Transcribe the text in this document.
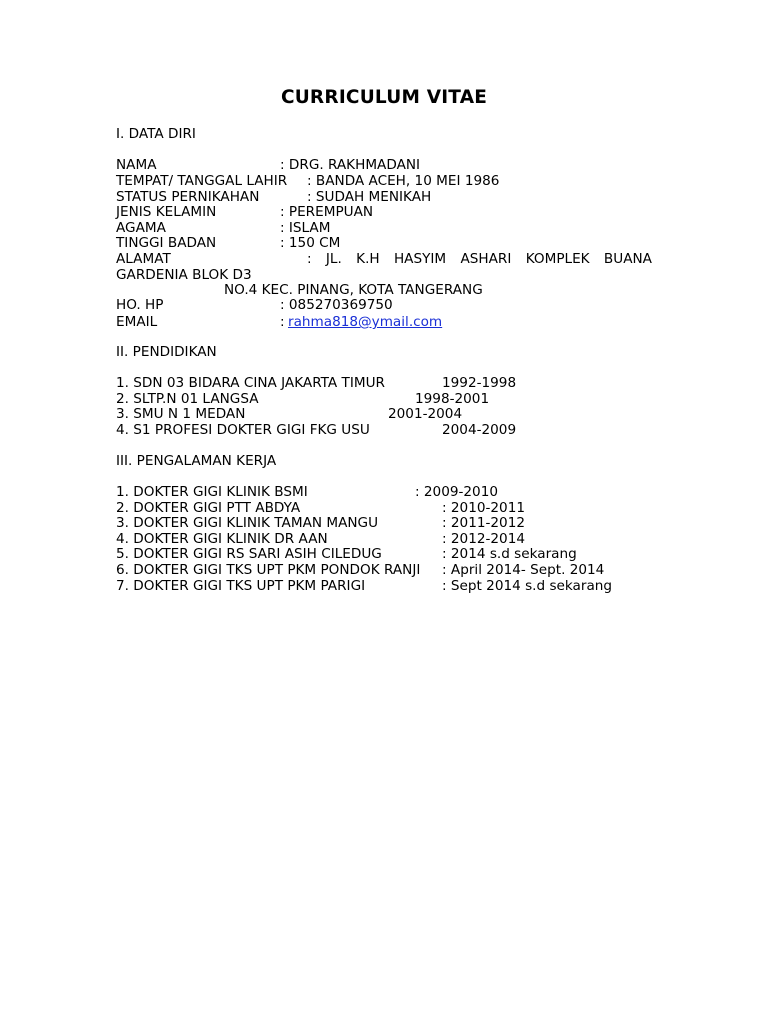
CURRICULUM VITAE
I. DATA DIRI
NAMA	: DRG. RAKHMADANI
TEMPAT/ TANGGAL LAHIR : BANDA ACEH, 10 MEI 1986
STATUS PERNIKAHAN	: SUDAH MENIKAH
JENIS KELAMIN	: PEREMPUAN
AGAMA	: ISLAM
TINGGI BADAN	: 150 CM
ALAMAT	: JL. K.H HASYIM ASHARI KOMPLEK BUANA
GARDENIA BLOK D3
NO.4 KEC. PINANG, KOTA TANGERANG
HO. HP	: 085270369750
EMAIL	: rahma818@ymail.com
II. PENDIDIKAN
1. SDN 03 BIDARA CINA JAKARTA TIMUR	1992-1998
2. SLTP.N 01 LANGSA	1998-2001
3. SMU N 1 MEDAN	2001-2004
4. S1 PROFESI DOKTER GIGI FKG USU	2004-2009
III. PENGALAMAN KERJA
1. DOKTER GIGI KLINIK BSMI	: 2009-2010
2. DOKTER GIGI PTT ABDYA	: 2010-2011
3. DOKTER GIGI KLINIK TAMAN MANGU	: 2011-2012
4. DOKTER GIGI KLINIK DR AAN	: 2012-2014
5. DOKTER GIGI RS SARI ASIH CILEDUG	: 2014 s.d sekarang
6. DOKTER GIGI TKS UPT PKM PONDOK RANJI : April 2014- Sept. 2014
7. DOKTER GIGI TKS UPT PKM PARIGI	: Sept 2014 s.d sekarang
